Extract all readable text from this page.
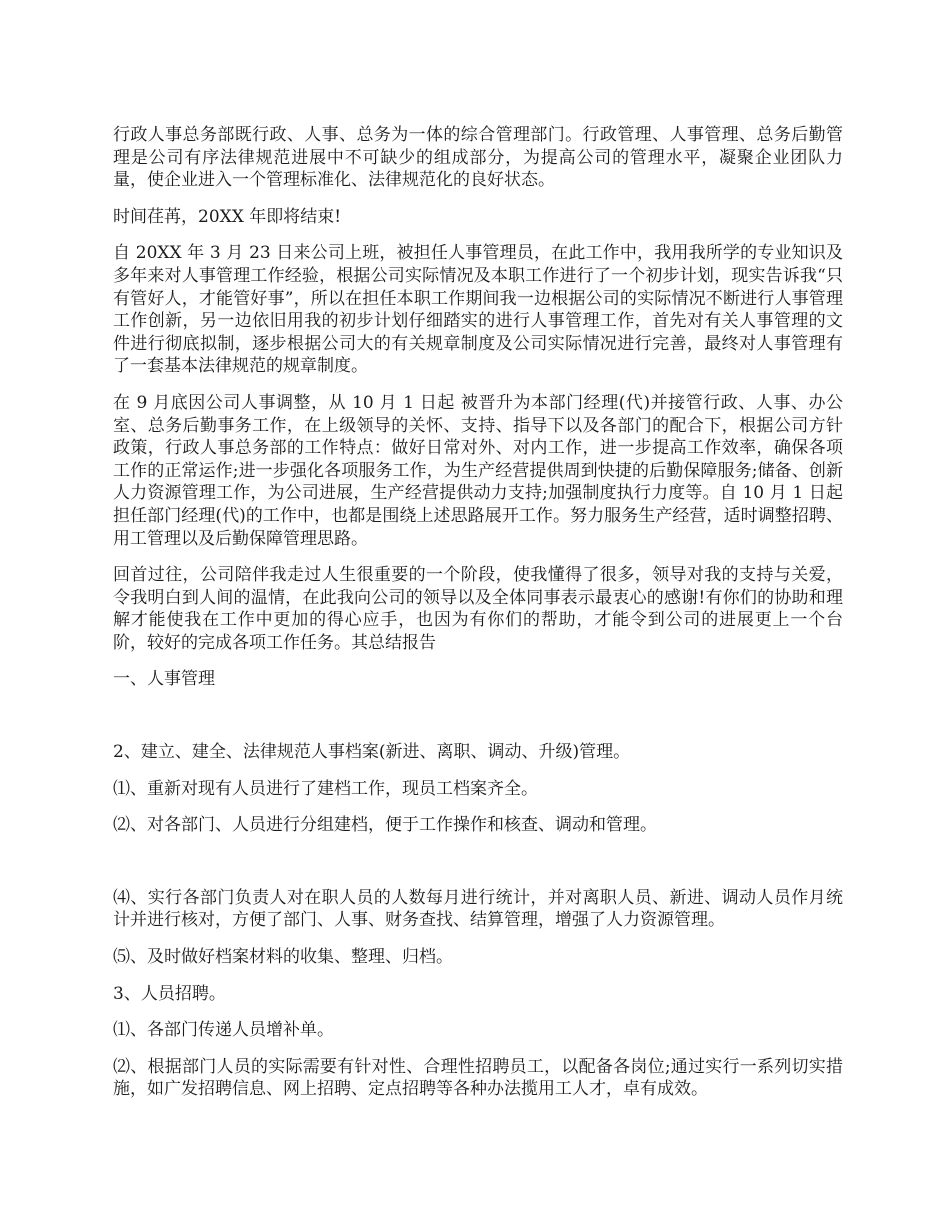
行政人事总务部既行政、人事、总务为一体的综合管理部门。行政管理、人事管理、总务后勤管理是公司有序法律规范进展中不可缺少的组成部分，为提高公司的管理水平，凝聚企业团队力量，使企业进入一个管理标准化、法律规范化的良好状态。

时间荏苒，20XX 年即将结束!

自 20XX 年 3 月 23 日来公司上班，被担任人事管理员，在此工作中，我用我所学的专业知识及多年来对人事管理工作经验，根据公司实际情况及本职工作进行了一个初步计划，现实告诉我“只有管好人，才能管好事”，所以在担任本职工作期间我一边根据公司的实际情况不断进行人事管理工作创新，另一边依旧用我的初步计划仔细踏实的进行人事管理工作，首先对有关人事管理的文件进行彻底拟制，逐步根据公司大的有关规章制度及公司实际情况进行完善，最终对人事管理有了一套基本法律规范的规章制度。

在 9 月底因公司人事调整，从 10 月 1 日起 被晋升为本部门经理(代)并接管行政、人事、办公室、总务后勤事务工作，在上级领导的关怀、支持、指导下以及各部门的配合下，根据公司方针政策，行政人事总务部的工作特点：做好日常对外、对内工作，进一步提高工作效率，确保各项工作的正常运作;进一步强化各项服务工作，为生产经营提供周到快捷的后勤保障服务;储备、创新人力资源管理工作，为公司进展，生产经营提供动力支持;加强制度执行力度等。自 10 月 1 日起 担任部门经理(代)的工作中，也都是围绕上述思路展开工作。努力服务生产经营，适时调整招聘、用工管理以及后勤保障管理思路。

回首过往，公司陪伴我走过人生很重要的一个阶段，使我懂得了很多，领导对我的支持与关爱，令我明白到人间的温情，在此我向公司的领导以及全体同事表示最衷心的感谢!有你们的协助和理解才能使我在工作中更加的得心应手，也因为有你们的帮助，才能令到公司的进展更上一个台阶，较好的完成各项工作任务。其总结报告

一、人事管理

2、建立、建全、法律规范人事档案(新进、离职、调动、升级)管理。

⑴、重新对现有人员进行了建档工作，现员工档案齐全。

⑵、对各部门、人员进行分组建档，便于工作操作和核查、调动和管理。

⑷、实行各部门负责人对在职人员的人数每月进行统计，并对离职人员、新进、调动人员作月统计并进行核对，方便了部门、人事、财务查找、结算管理，增强了人力资源管理。

⑸、及时做好档案材料的收集、整理、归档。

3、人员招聘。

⑴、各部门传递人员增补单。

⑵、根据部门人员的实际需要有针对性、合理性招聘员工，以配备各岗位;通过实行一系列切实措施，如广发招聘信息、网上招聘、定点招聘等各种办法揽用工人才，卓有成效。
